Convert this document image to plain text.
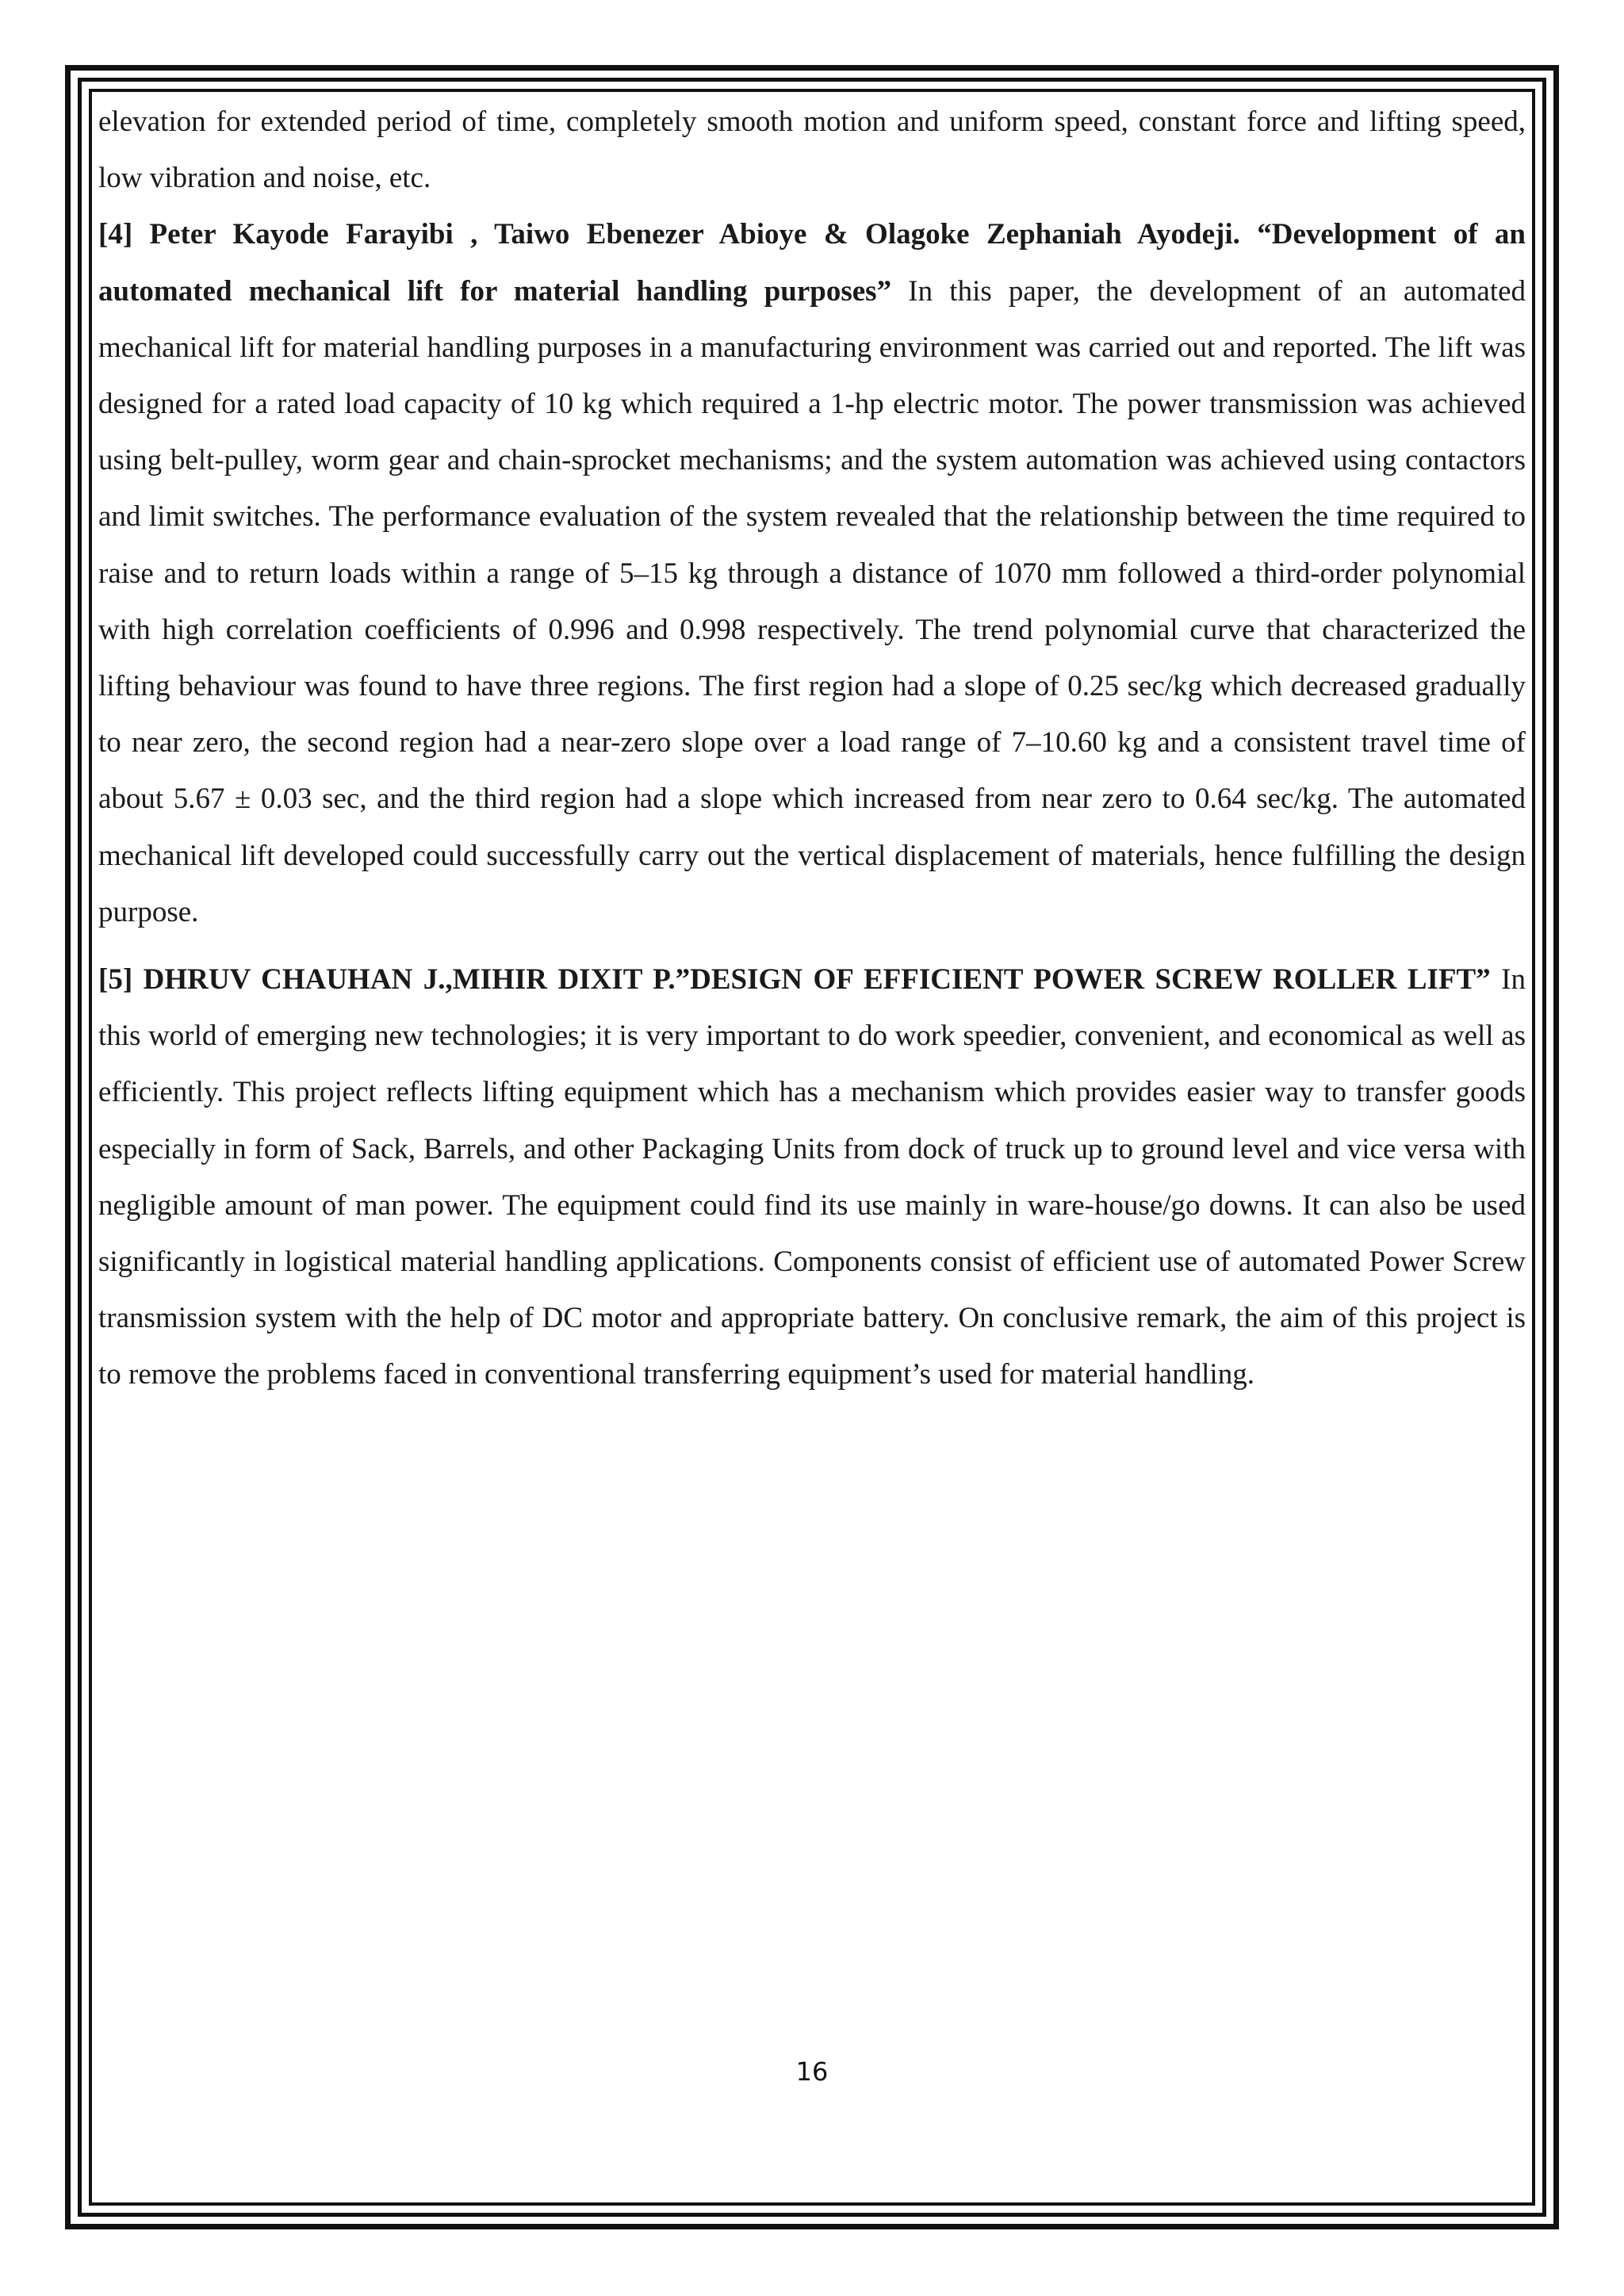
elevation for extended period of time, completely smooth motion and uniform speed, constant force and lifting speed, low vibration and noise, etc.

[4] Peter Kayode Farayibi , Taiwo Ebenezer Abioye & Olagoke Zephaniah Ayodeji. “Development of an automated mechanical lift for material handling purposes” In this paper, the development of an automated mechanical lift for material handling purposes in a manufacturing environment was carried out and reported. The lift was designed for a rated load capacity of 10 kg which required a 1-hp electric motor. The power transmission was achieved using belt-pulley, worm gear and chain-sprocket mechanisms; and the system automation was achieved using contactors and limit switches. The performance evaluation of the system revealed that the relationship between the time required to raise and to return loads within a range of 5–15 kg through a distance of 1070 mm followed a third-order polynomial with high correlation coefficients of 0.996 and 0.998 respectively. The trend polynomial curve that characterized the lifting behaviour was found to have three regions. The first region had a slope of 0.25 sec/kg which decreased gradually to near zero, the second region had a near-zero slope over a load range of 7–10.60 kg and a consistent travel time of about 5.67 ± 0.03 sec, and the third region had a slope which increased from near zero to 0.64 sec/kg. The automated mechanical lift developed could successfully carry out the vertical displacement of materials, hence fulfilling the design purpose.

[5] DHRUV CHAUHAN J.,MIHIR DIXIT P.”DESIGN OF EFFICIENT POWER SCREW ROLLER LIFT” In this world of emerging new technologies; it is very important to do work speedier, convenient, and economical as well as efficiently. This project reflects lifting equipment which has a mechanism which provides easier way to transfer goods especially in form of Sack, Barrels, and other Packaging Units from dock of truck up to ground level and vice versa with negligible amount of man power. The equipment could find its use mainly in ware-house/go downs. It can also be used significantly in logistical material handling applications. Components consist of efficient use of automated Power Screw transmission system with the help of DC motor and appropriate battery. On conclusive remark, the aim of this project is to remove the problems faced in conventional transferring equipment’s used for material handling.

16
